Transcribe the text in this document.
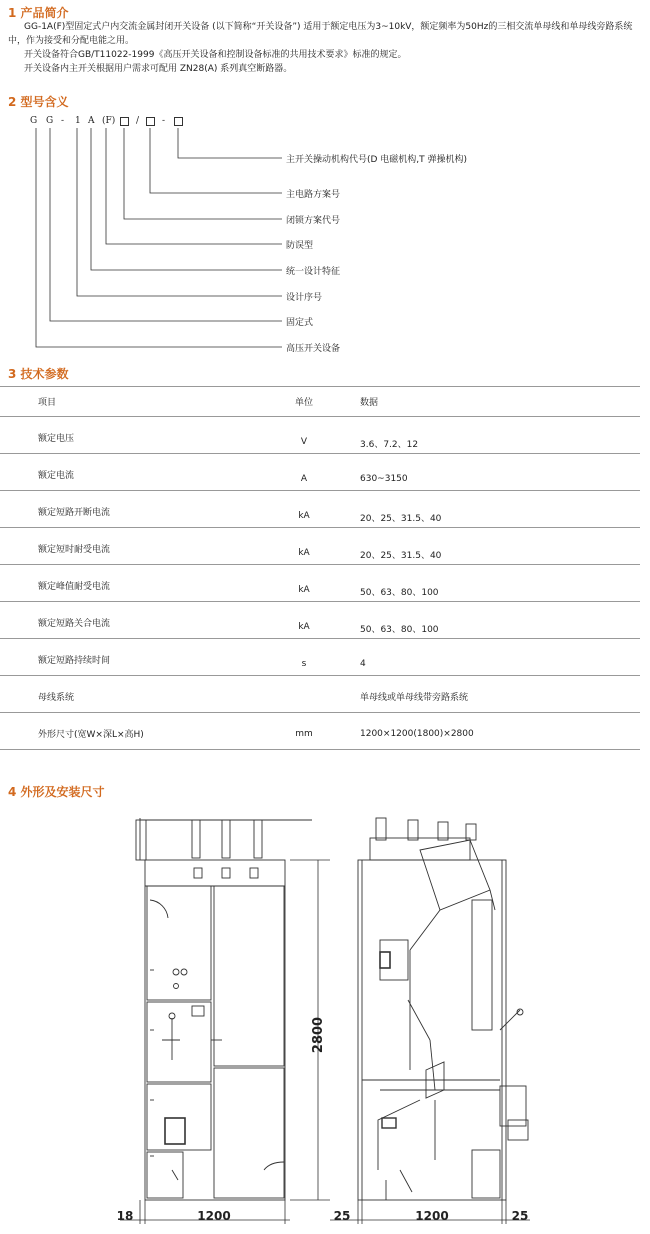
1 产品简介
GG-1A(F)型固定式户内交流金属封闭开关设备 (以下简称“开关设备”) 适用于额定电压为3~10kV，额定频率为50Hz的三相交流单母线和单母线旁路系统中，作为接受和分配电能之用。
开关设备符合GB/T11022-1999《高压开关设备和控制设备标准的共用技术要求》标准的规定。
开关设备内主开关根据用户需求可配用 ZN28(A) 系列真空断路器。
2 型号含义
G G - 1 A (F) /	-
主开关操动机构代号(D 电磁机构,T 弹操机构)
主电路方案号
闭锁方案代号
防误型
统一设计特征
设计序号
固定式
高压开关设备
3 技术参数
项目	单位	数据
额定电压	V	3.6、7.2、12
额定电流	A	630~3150
额定短路开断电流	kA	20、25、31.5、40
额定短时耐受电流	kA	20、25、31.5、40
额定峰值耐受电流	kA	50、63、80、100
额定短路关合电流	kA	50、63、80、100
额定短路持续时间	s	4
母线系统		单母线或单母线带旁路系统
外形尺寸(宽W×深L×高H)	mm	1200×1200(1800)×2800
4 外形及安装尺寸
2800
18	1200	25	1200	25
